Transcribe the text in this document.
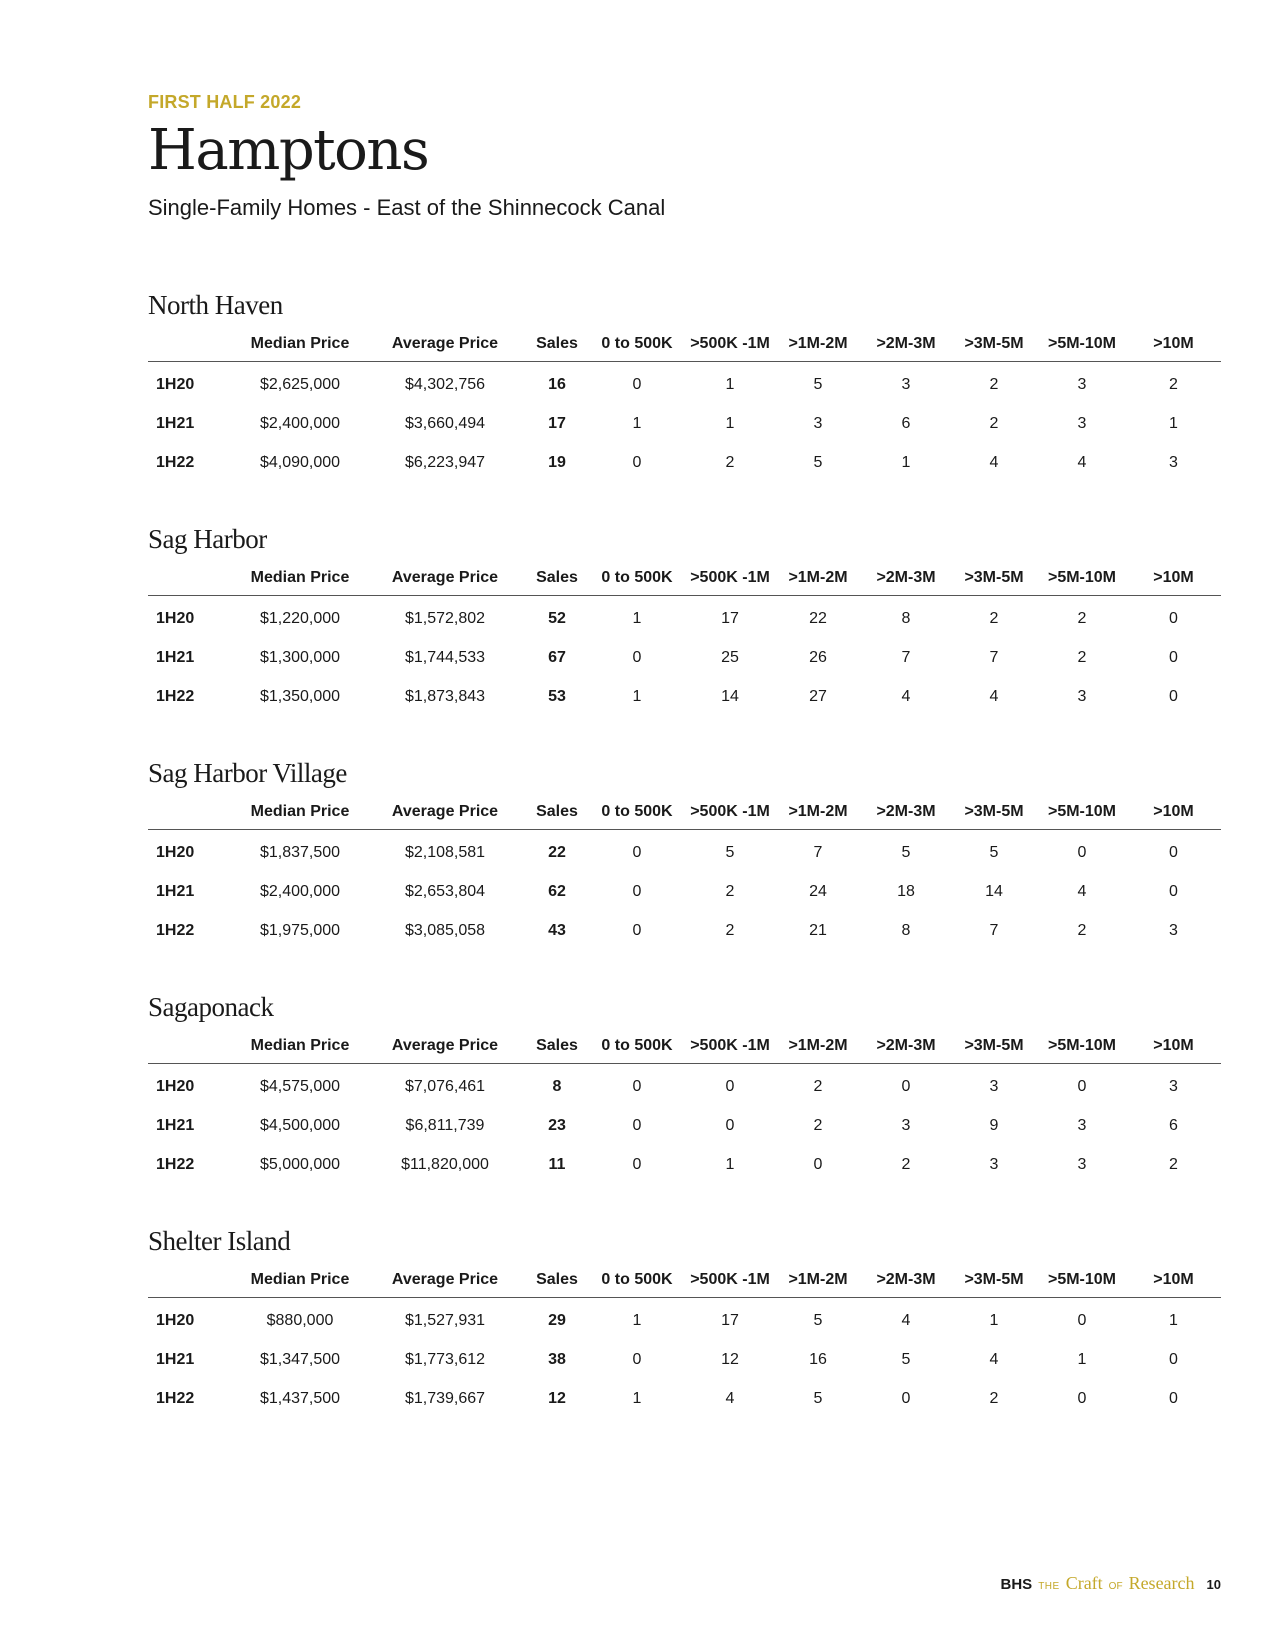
FIRST HALF 2022

Hamptons

Single-Family Homes - East of the Shinnecock Canal

North Haven
	Median Price	Average Price	Sales	0 to 500K	>500K -1M	>1M-2M	>2M-3M	>3M-5M	>5M-10M	>10M
1H20	$2,625,000	$4,302,756	16	0	1	5	3	2	3	2
1H21	$2,400,000	$3,660,494	17	1	1	3	6	2	3	1
1H22	$4,090,000	$6,223,947	19	0	2	5	1	4	4	3
Sag Harbor
	Median Price	Average Price	Sales	0 to 500K	>500K -1M	>1M-2M	>2M-3M	>3M-5M	>5M-10M	>10M
1H20	$1,220,000	$1,572,802	52	1	17	22	8	2	2	0
1H21	$1,300,000	$1,744,533	67	0	25	26	7	7	2	0
1H22	$1,350,000	$1,873,843	53	1	14	27	4	4	3	0
Sag Harbor Village
	Median Price	Average Price	Sales	0 to 500K	>500K -1M	>1M-2M	>2M-3M	>3M-5M	>5M-10M	>10M
1H20	$1,837,500	$2,108,581	22	0	5	7	5	5	0	0
1H21	$2,400,000	$2,653,804	62	0	2	24	18	14	4	0
1H22	$1,975,000	$3,085,058	43	0	2	21	8	7	2	3
Sagaponack
	Median Price	Average Price	Sales	0 to 500K	>500K -1M	>1M-2M	>2M-3M	>3M-5M	>5M-10M	>10M
1H20	$4,575,000	$7,076,461	8	0	0	2	0	3	0	3
1H21	$4,500,000	$6,811,739	23	0	0	2	3	9	3	6
1H22	$5,000,000	$11,820,000	11	0	1	0	2	3	3	2
Shelter Island
	Median Price	Average Price	Sales	0 to 500K	>500K -1M	>1M-2M	>2M-3M	>3M-5M	>5M-10M	>10M
1H20	$880,000	$1,527,931	29	1	17	5	4	1	0	1
1H21	$1,347,500	$1,773,612	38	0	12	16	5	4	1	0
1H22	$1,437,500	$1,739,667	12	1	4	5	0	2	0	0
BHS THE Craft OF Research 10
